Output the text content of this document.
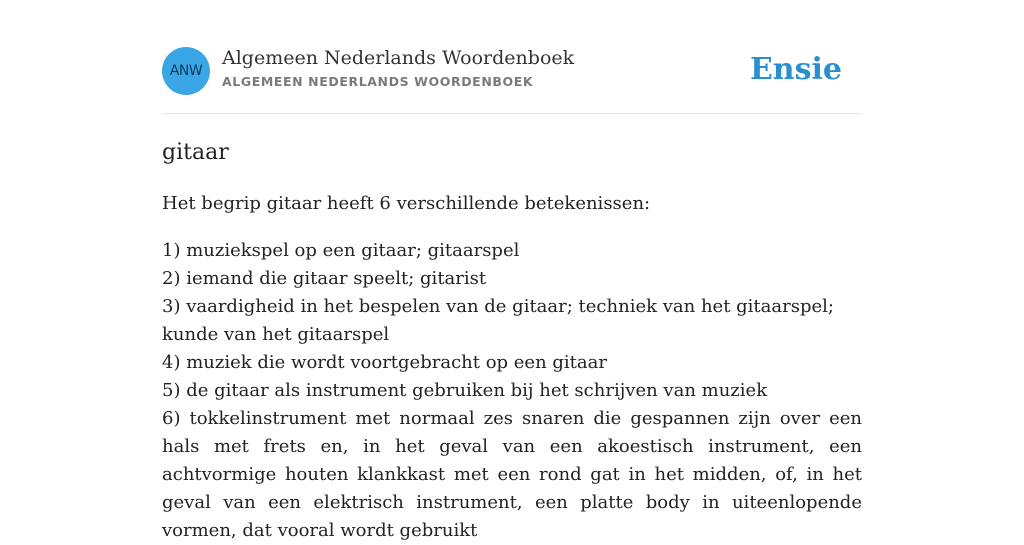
ANW
Algemeen Nederlands Woordenboek
ALGEMEEN NEDERLANDS WOORDENBOEK	Ensie
gitaar
Het begrip gitaar heeft 6 verschillende betekenissen:
1) muziekspel op een gitaar; gitaarspel
2) iemand die gitaar speelt; gitarist
3) vaardigheid in het bespelen van de gitaar; techniek van het gitaarspel; kunde van het gitaarspel
4) muziek die wordt voortgebracht op een gitaar
5) de gitaar als instrument gebruiken bij het schrijven van muziek
6) tokkelinstrument met normaal zes snaren die gespannen zijn over een hals met frets en, in het geval van een akoestisch instrument, een achtvormige houten klankkast met een rond gat in het midden, of, in het geval van een elektrisch instrument, een platte body in uiteenlopende vormen, dat vooral wordt gebruikt
